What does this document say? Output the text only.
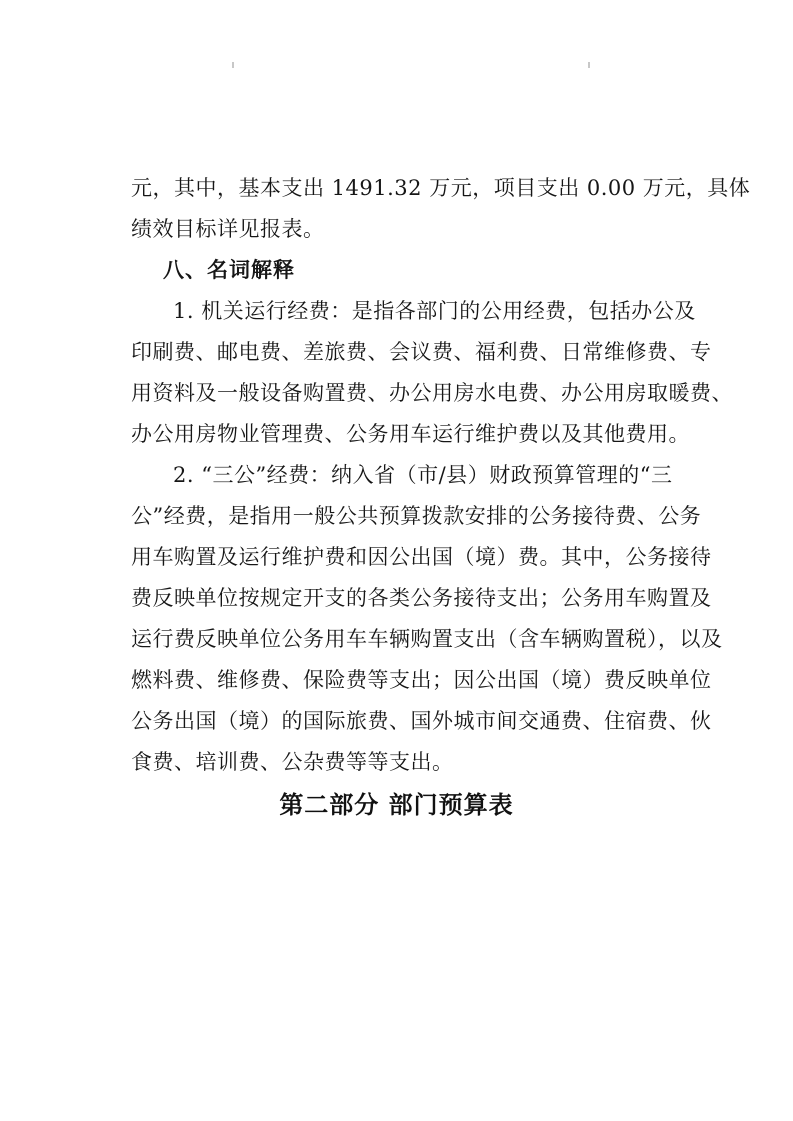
元，其中，基本支出 1491.32 万元，项目支出 0.00 万元，具体
绩效目标详见报表。
八、名词解释
1. 机关运行经费：是指各部门的公用经费，包括办公及
印刷费、邮电费、差旅费、会议费、福利费、日常维修费、专
用资料及一般设备购置费、办公用房水电费、办公用房取暖费、
办公用房物业管理费、公务用车运行维护费以及其他费用。
2. “三公”经费：纳入省（市/县）财政预算管理的“三
公”经费，是指用一般公共预算拨款安排的公务接待费、公务
用车购置及运行维护费和因公出国（境）费。其中，公务接待
费反映单位按规定开支的各类公务接待支出；公务用车购置及
运行费反映单位公务用车车辆购置支出（含车辆购置税），以及
燃料费、维修费、保险费等支出；因公出国（境）费反映单位
公务出国（境）的国际旅费、国外城市间交通费、住宿费、伙
食费、培训费、公杂费等等支出。
第二部分 部门预算表
